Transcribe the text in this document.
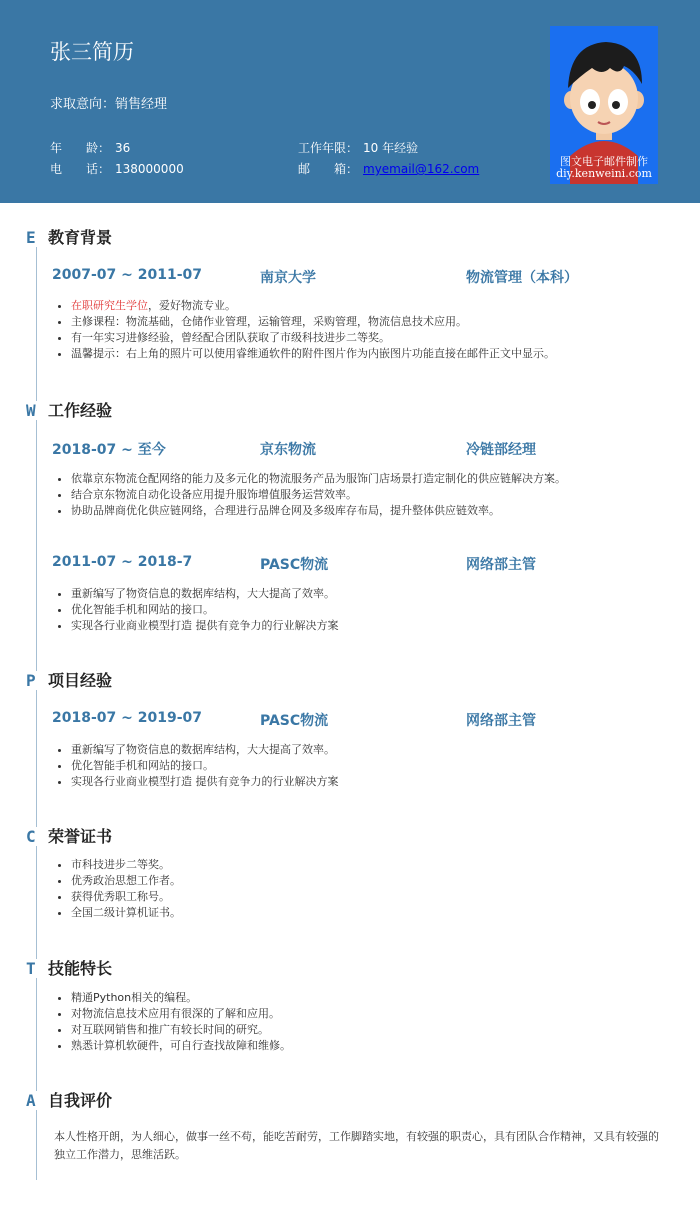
张三简历
求取意向：销售经理
年　　龄： 36	工作年限： 10 年经验
电　　话： 138000000	邮　　箱： myemail@162.com
图文电子邮件制作
diy.kenweini.com
E 教育背景
2007-07 ~ 2011-07	南京大学	物流管理（本科）
• 在职研究生学位，爱好物流专业。
• 主修课程：物流基础，仓储作业管理，运输管理，采购管理，物流信息技术应用。
• 有一年实习进修经验，曾经配合团队获取了市级科技进步二等奖。
• 温馨提示：右上角的照片可以使用睿维通软件的附件图片作为内嵌图片功能直接在邮件正文中显示。
W 工作经验
2018-07 ~ 至今	京东物流	冷链部经理
• 依靠京东物流仓配网络的能力及多元化的物流服务产品为服饰门店场景打造定制化的供应链解决方案。
• 结合京东物流自动化设备应用提升服饰增值服务运营效率。
• 协助品牌商优化供应链网络，合理进行品牌仓网及多级库存布局，提升整体供应链效率。
2011-07 ~ 2018-7	PASC物流	网络部主管
• 重新编写了物资信息的数据库结构，大大提高了效率。
• 优化智能手机和网站的接口。
• 实现各行业商业模型打造 提供有竞争力的行业解决方案
P 项目经验
2018-07 ~ 2019-07	PASC物流	网络部主管
• 重新编写了物资信息的数据库结构，大大提高了效率。
• 优化智能手机和网站的接口。
• 实现各行业商业模型打造 提供有竞争力的行业解决方案
C 荣誉证书
• 市科技进步二等奖。
• 优秀政治思想工作者。
• 获得优秀职工称号。
• 全国二级计算机证书。
T 技能特长
• 精通Python相关的编程。
• 对物流信息技术应用有很深的了解和应用。
• 对互联网销售和推广有较长时间的研究。
• 熟悉计算机软硬件，可自行查找故障和维修。
A 自我评价
本人性格开朗，为人细心，做事一丝不苟，能吃苦耐劳，工作脚踏实地，有较强的职责心，具有团队合作精神，又具有较强的独立工作潜力，思维活跃。
